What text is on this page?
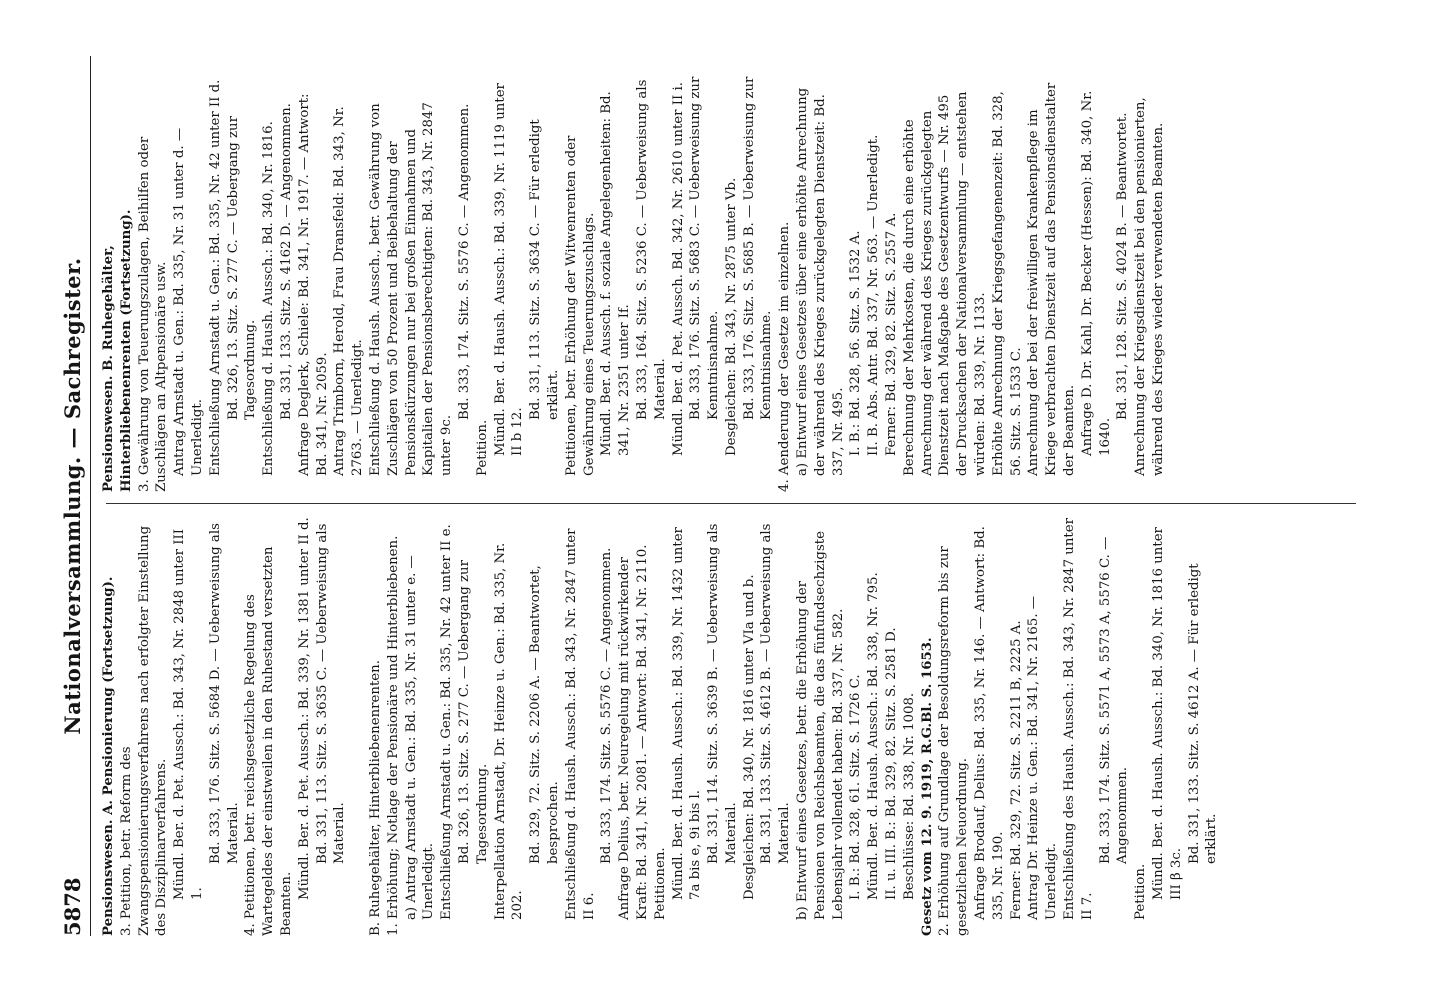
5878
Nationalversammlung. — Sachregister.

Pensionswesen. A. Pensionierung (Fortsetzung). 3. Petition, betr. Reform des Zwangspensionierungsverfahrens nach erfolgter Einstellung des Disziplinarverfahrens. Mündl. Ber. d. Pet. Aussch.: Bd. 343, Nr. 2848 unter III 1.

Bd. 333, 176. Sitz. S. 5684 D. — Ueberweisung als Material. 4. Petitionen, betr. reichsgesetzliche Regelung des Wartegeldes der einstweilen in den Ruhestand versetzten Beamten.

Mündl. Ber. d. Pet. Aussch.: Bd. 339, Nr. 1381 unter II d. Bd. 331, 113. Sitz. S. 3635 C. — Ueberweisung als Material.

B. Ruhegehälter, Hinterbliebenenrenten. 1. Erhöhung; Notlage der Pensionäre und Hinterbliebenen. a) Antrag Arnstadt u. Gen.: Bd. 335, Nr. 31 unter e. — Unerledigt. Entschließung Arnstadt u. Gen.: Bd. 335, Nr. 42 unter II e. Bd. 326, 13. Sitz. S. 277 C. — Uebergang zur Tagesordnung. Interpellation Arnstadt, Dr. Heinze u. Gen.: Bd. 335, Nr. 202.

Bd. 329, 72. Sitz. S. 2206 A. — Beantwortet, besprochen. Entschließung d. Haush. Aussch.: Bd. 343, Nr. 2847 unter II 6.

Bd. 333, 174. Sitz. S. 5576 C. — Angenommen. Anfrage Delius, betr. Neuregelung mit rückwirkender Kraft: Bd. 341, Nr. 2081. — Antwort: Bd. 341, Nr. 2110. Petitionen. Mündl. Ber. d. Haush. Aussch.: Bd. 339, Nr. 1432 unter 7a bis e, 9i bis l. Bd. 331, 114. Sitz. S. 3639 B. — Ueberweisung als Material. Desgleichen: Bd. 340, Nr. 1816 unter VIa und b. Bd. 331, 133. Sitz. S. 4612 B. — Ueberweisung als Material. b) Entwurf eines Gesetzes, betr. die Erhöhung der Pensionen von Reichsbeamten, die das fünfundsechzigste Lebensjahr vollendet haben: Bd. 337, Nr. 582. I. B.: Bd. 328, 61. Sitz. S. 1726 C. Mündl. Ber. d. Haush. Aussch.: Bd. 338, Nr. 795. II. u. III. B.: Bd. 329, 82. Sitz. S. 2581 D. Beschlüsse: Bd. 338, Nr. 1008. Gesetz vom 12. 9. 1919, R.G.Bl. S. 1653. 2. Erhöhung auf Grundlage der Besoldungsreform bis zur gesetzlichen Neuordnung. Anfrage Brodauf, Delius: Bd. 335, Nr. 146. — Antwort: Bd. 335, Nr. 190. Ferner: Bd. 329, 72. Sitz. S. 2211 B, 2225 A. Antrag Dr. Heinze u. Gen.: Bd. 341, Nr. 2165. — Unerledigt. Entschließung des Haush. Aussch.: Bd. 343, Nr. 2847 unter II 7.

Bd. 333, 174. Sitz. S. 5571 A, 5573 A, 5576 C. — Angenommen.

Petition. Mündl. Ber. d. Haush. Aussch.: Bd. 340, Nr. 1816 unter III β 3c.

Bd. 331, 133. Sitz. S. 4612 A. — Für erledigt erklärt.

Pensionswesen. B. Ruhegehälter, Hinterbliebenenrenten (Fortsetzung). 3. Gewährung von Teuerungszulagen, Beihilfen oder Zuschlägen an Altpensionäre usw. Antrag Arnstadt u. Gen.: Bd. 335, Nr. 31 unter d. — Unerledigt. Entschließung Arnstadt u. Gen.: Bd. 335, Nr. 42 unter II d. Bd. 326, 13. Sitz. S. 277 C. — Uebergang zur Tagesordnung. Entschließung d. Haush. Aussch.: Bd. 340, Nr. 1816. Bd. 331, 133. Sitz. S. 4162 D. — Angenommen. Anfrage Deglerk, Schiele: Bd. 341, Nr. 1917. — Antwort: Bd. 341, Nr. 2059. Antrag Trimborn, Herold, Frau Dransfeld: Bd. 343, Nr. 2763. — Unerledigt. Entschließung d. Haush. Aussch., betr. Gewährung von Zuschlägen von 50 Prozent und Beibehaltung der Pensionskürzungen nur bei großen Einnahmen und Kapitalien der Pensionsberechtigten: Bd. 343, Nr. 2847 unter 9c.

Bd. 333, 174. Sitz. S. 5576 C. — Angenommen.

Petition. Mündl. Ber. d. Haush. Aussch.: Bd. 339, Nr. 1119 unter II b 12.

Bd. 331, 113. Sitz. S. 3634 C. — Für erledigt erklärt. Petitionen, betr. Erhöhung der Witwenrenten oder Gewährung eines Teuerungszuschlags. Mündl. Ber. d. Aussch. f. soziale Angelegenheiten: Bd. 341, Nr. 2351 unter If. Bd. 333, 164. Sitz. S. 5236 C. — Ueberweisung als Material. Mündl. Ber. d. Pet. Aussch. Bd. 342, Nr. 2610 unter II i. Bd. 333, 176. Sitz. S. 5683 C. — Ueberweisung zur Kenntnisnahme. Desgleichen: Bd. 343, Nr. 2875 unter Vb. Bd. 333, 176. Sitz. S. 5685 B. — Ueberweisung zur Kenntnisnahme. 4. Aenderung der Gesetze im einzelnen. a) Entwurf eines Gesetzes über eine erhöhte Anrechnung der während des Krieges zurückgelegten Dienstzeit: Bd. 337, Nr. 495. I. B.: Bd. 328, 56. Sitz. S. 1532 A. II. B. Abs. Antr. Bd. 337, Nr. 563. — Unerledigt. Ferner: Bd. 329, 82. Sitz. S. 2557 A. Berechnung der Mehrkosten, die durch eine erhöhte Anrechnung der während des Krieges zurückgelegten Dienstzeit nach Maßgabe des Gesetzentwurfs — Nr. 495 der Drucksachen der Nationalversammlung — entstehen würden: Bd. 339, Nr. 1133. Erhöhte Anrechnung der Kriegsgefangenenzeit: Bd. 328, 56. Sitz. S. 1533 C. Anrechnung der bei der freiwilligen Krankenpflege im Kriege verbrachten Dienstzeit auf das Pensionsdienstalter der Beamten. Anfrage D. Dr. Kahl, Dr. Becker (Hessen): Bd. 340, Nr. 1640.

Bd. 331, 128. Sitz. S. 4024 B. — Beantwortet. Anrechnung der Kriegsdienstzeit bei den pensionierten, während des Krieges wieder verwendeten Beamten.
